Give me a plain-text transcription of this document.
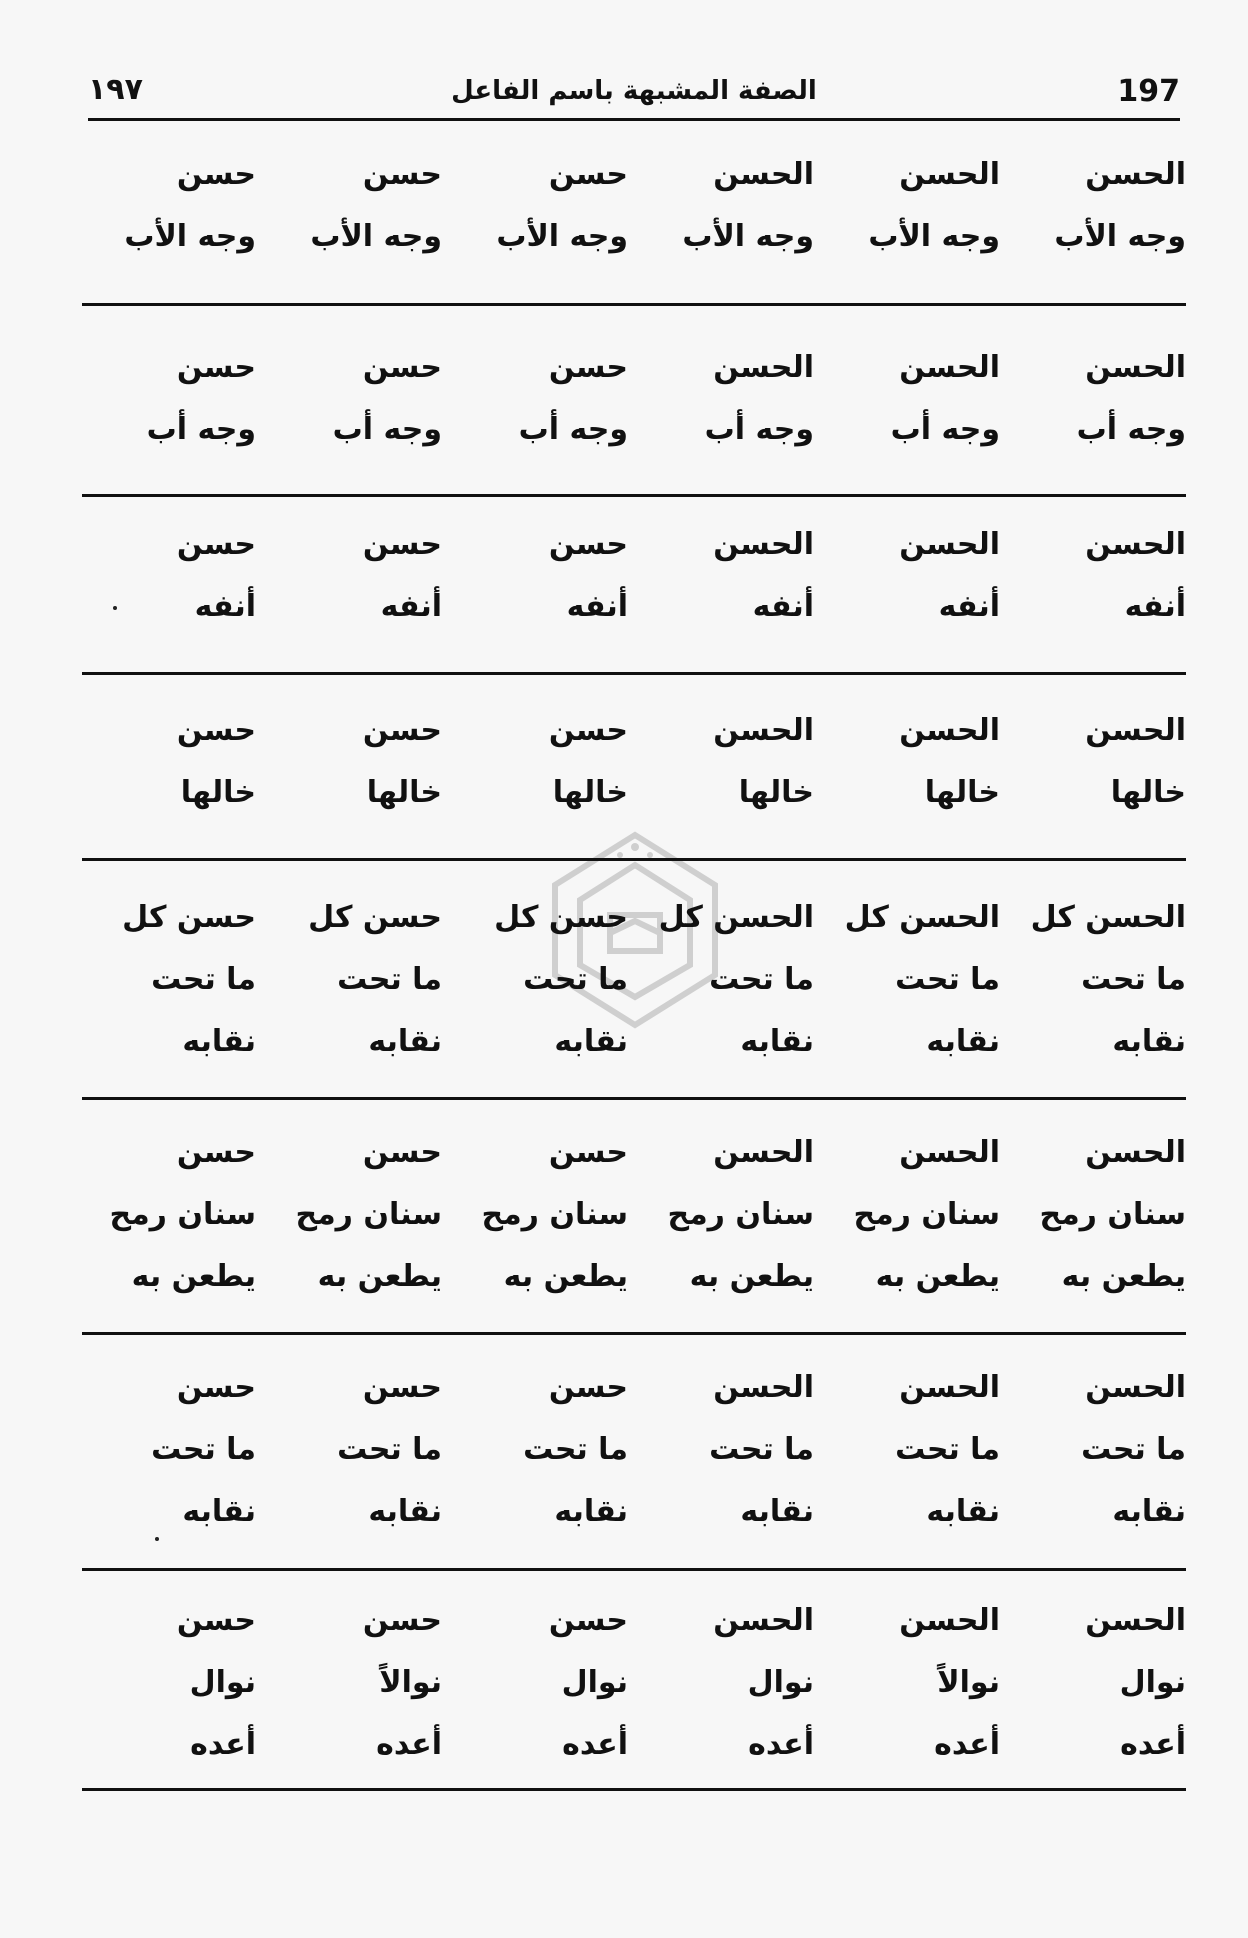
197
الصفة المشبهة باسم الفاعل
١٩٧
الحسن
وجه الأب
الحسن
وجه الأب
الحسن
وجه الأب
حسن
وجه الأب
حسن
وجه الأب
حسن
وجه الأب
الحسن
وجه أب
الحسن
وجه أب
الحسن
وجه أب
حسن
وجه أب
حسن
وجه أب
حسن
وجه أب
الحسن
أنفه
الحسن
أنفه
الحسن
أنفه
حسن
أنفه
حسن
أنفه
حسن
أنفه
الحسن
خالها
الحسن
خالها
الحسن
خالها
حسن
خالها
حسن
خالها
حسن
خالها
الحسن كل
ما تحت
نقابه
الحسن كل
ما تحت
نقابه
الحسن كل
ما تحت
نقابه
حسن كل
ما تحت
نقابه
حسن كل
ما تحت
نقابه
حسن كل
ما تحت
نقابه
الحسن
سنان رمح
يطعن به
الحسن
سنان رمح
يطعن به
الحسن
سنان رمح
يطعن به
حسن
سنان رمح
يطعن به
حسن
سنان رمح
يطعن به
حسن
سنان رمح
يطعن به
الحسن
ما تحت
نقابه
الحسن
ما تحت
نقابه
الحسن
ما تحت
نقابه
حسن
ما تحت
نقابه
حسن
ما تحت
نقابه
حسن
ما تحت
نقابه
الحسن
نوال
أعده
الحسن
نوالاً
أعده
الحسن
نوال
أعده
حسن
نوال
أعده
حسن
نوالاً
أعده
حسن
نوال
أعده
